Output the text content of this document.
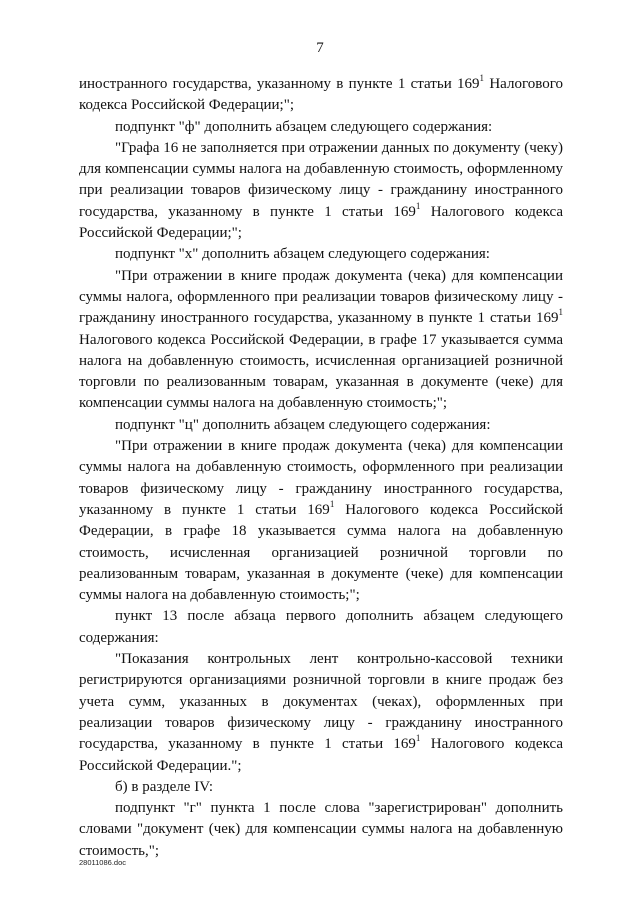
7

иностранного государства, указанному в пункте 1 статьи $169^1$ Налогового кодекса Российской Федерации;";

подпункт "ф" дополнить абзацем следующего содержания:

"Графа 16 не заполняется при отражении данных по документу (чеку) для компенсации суммы налога на добавленную стоимость, оформленному при реализации товаров физическому лицу - гражданину иностранного государства, указанному в пункте 1 статьи $169^1$ Налогового кодекса Российской Федерации;";

подпункт "х" дополнить абзацем следующего содержания:

"При отражении в книге продаж документа (чека) для компенсации суммы налога, оформленного при реализации товаров физическому лицу - гражданину иностранного государства, указанному в пункте 1 статьи $169^1$ Налогового кодекса Российской Федерации, в графе 17 указывается сумма налога на добавленную стоимость, исчисленная организацией розничной торговли по реализованным товарам, указанная в документе (чеке) для компенсации суммы налога на добавленную стоимость;";

подпункт "ц" дополнить абзацем следующего содержания:

"При отражении в книге продаж документа (чека) для компенсации суммы налога на добавленную стоимость, оформленного при реализации товаров физическому лицу - гражданину иностранного государства, указанному в пункте 1 статьи $169^1$ Налогового кодекса Российской Федерации, в графе 18 указывается сумма налога на добавленную стоимость, исчисленная организацией розничной торговли по реализованным товарам, указанная в документе (чеке) для компенсации суммы налога на добавленную стоимость;";

пункт 13 после абзаца первого дополнить абзацем следующего содержания:

"Показания контрольных лент контрольно-кассовой техники регистрируются организациями розничной торговли в книге продаж без учета сумм, указанных в документах (чеках), оформленных при реализации товаров физическому лицу - гражданину иностранного государства, указанному в пункте 1 статьи $169^1$ Налогового кодекса Российской Федерации.";

б) в разделе IV:

подпункт "г" пункта 1 после слова "зарегистрирован" дополнить словами "документ (чек) для компенсации суммы налога на добавленную стоимость,";

28011086.doc
